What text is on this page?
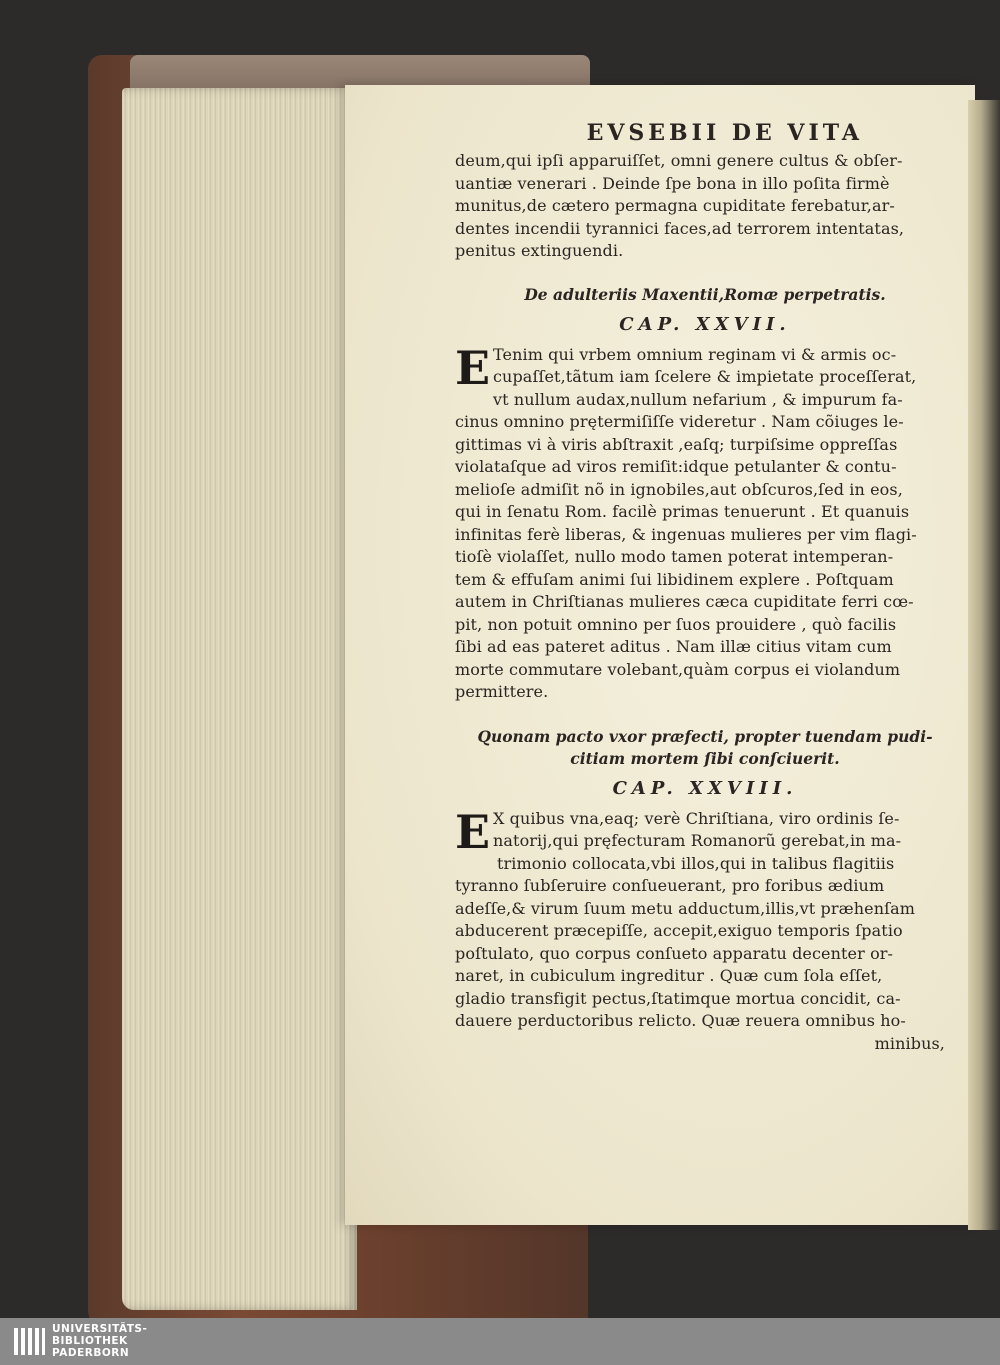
EVSEBII DE VITA
deum,qui ipſi apparuiſſet, omni genere cultus & obſer-
uantiæ venerari . Deinde ſpe bona in illo poſita firmè
munitus,de cætero permagna cupiditate ferebatur,ar-
dentes incendii tyrannici faces,ad terrorem intentatas,
penitus extinguendi.
De adulteriis Maxentii,Romæ perpetratis.
CAP. XXVII.
E Tenim qui vrbem omnium reginam vi & armis oc-
cupaſſet,tãtum iam ſcelere & impietate proceſſerat,
vt nullum audax,nullum nefarium , & impurum fa-
cinus omnino prętermiſiſſe videretur . Nam cõiuges le-
gittimas vi à viris abſtraxit ,eaſq; turpiſsime oppreſſas
violataſque ad viros remiſit:idque petulanter & contu-
melioſe admiſit nõ in ignobiles,aut obſcuros,ſed in eos,
qui in ſenatu Rom. facilè primas tenuerunt . Et quanuis
infinitas ferè liberas, & ingenuas mulieres per vim flagi-
tioſè violaſſet, nullo modo tamen poterat intemperan-
tem & effuſam animi ſui libidinem explere . Poſtquam
autem in Chriſtianas mulieres cæca cupiditate ferri cœ-
pit, non potuit omnino per ſuos prouidere , quò facilis
ſibi ad eas pateret aditus . Nam illæ citius vitam cum
morte commutare volebant,quàm corpus ei violandum
permittere.
Quonam pacto vxor præfecti, propter tuendam pudi-
citiam mortem ſibi conſciuerit.
CAP. XXVIII.
E X quibus vna,eaq; verè Chriſtiana, viro ordinis ſe-
natorij,qui pręfecturam Romanorũ gerebat,in ma-
trimonio collocata,vbi illos,qui in talibus flagitiis
tyranno ſubſeruire conſueuerant, pro foribus ædium
adeſſe,& virum ſuum metu adductum,illis,vt præhenſam
abducerent præcepiſſe, accepit,exiguo temporis ſpatio
poſtulato, quo corpus conſueto apparatu decenter or-
naret, in cubiculum ingreditur . Quæ cum ſola eſſet,
gladio transfigit pectus,ſtatimque mortua concidit, ca-
dauere perductoribus relicto. Quæ reuera omnibus ho-
minibus,
UNIVERSITÄTS-
BIBLIOTHEK
PADERBORN
